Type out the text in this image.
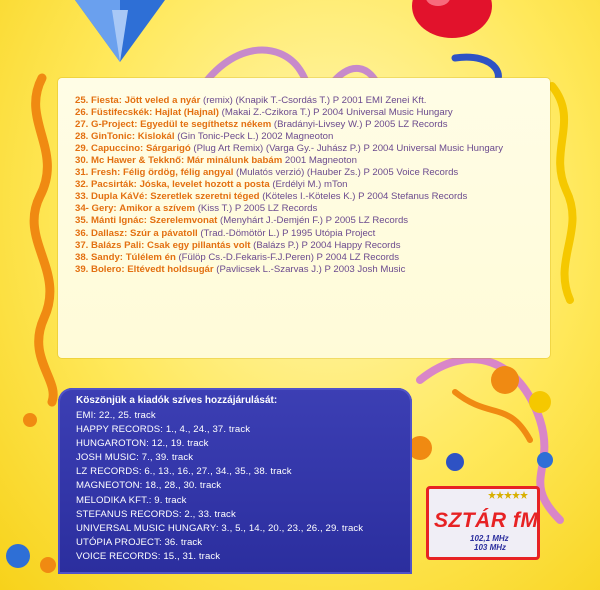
25. Fiesta: Jött veled a nyár (remix) (Knapik T.-Csordás T.) P 2001 EMI Zenei Kft.
26. Füstifecskék: Hajlat (Hajnal) (Makai Z.-Czikora T.) P 2004 Universal Music Hungary
27. G-Project: Egyedül te segíthetsz nékem (Bradányi-Livsey W.) P 2005 LZ Records
28. GinTonic: Kislokál (Gin Tonic-Peck L.) 2002 Magneoton
29. Capuccino: Sárgarigó (Plug Art Remix) (Varga Gy.- Juhász P.) P 2004 Universal Music Hungary
30. Mc Hawer & Tekknő: Már minálunk babám 2001 Magneoton
31. Fresh: Félig ördög, félig angyal (Mulatós verzió) (Hauber Zs.) P 2005 Voice Records
32. Pacsirták: Jóska, levelet hozott a posta (Erdélyi M.) mTon
33. Dupla KáVé: Szeretlek szeretni téged (Köteles I.-Köteles K.) P 2004 Stefanus Records
34- Gery: Amikor a szívem (Kiss T.) P 2005 LZ Records
35. Mánti Ignác: Szerelemvonat (Menyhárt J.-Demjén F.) P 2005 LZ Records
36. Dallasz: Szúr a pávatoll (Trad.-Dömötör L.) P 1995 Utópia Project
37. Balázs Pali: Csak egy pillantás volt (Balázs P.) P 2004 Happy Records
38. Sandy: Túlélem én (Fülöp Cs.-D.Fekaris-F.J.Peren) P 2004 LZ Records
39. Bolero: Eltévedt holdsugár (Pavlicsek L.-Szarvas J.) P 2003 Josh Music

Köszönjük a kiadók szíves hozzájárulását:

EMI: 22., 25. track
HAPPY RECORDS: 1., 4., 24., 37. track
HUNGAROTON: 12., 19. track
JOSH MUSIC: 7., 39. track
LZ RECORDS: 6., 13., 16., 27., 34., 35., 38. track
MAGNEOTON: 18., 28., 30. track
MELODIKA KFT.: 9. track
STEFANUS RECORDS: 2., 33. track
UNIVERSAL MUSIC HUNGARY: 3., 5., 14., 20., 23., 26., 29. track
UTÓPIA PROJECT: 36. track
VOICE RECORDS: 15., 31. track

SZTÁR fM

102,1 MHz

103 MHz
